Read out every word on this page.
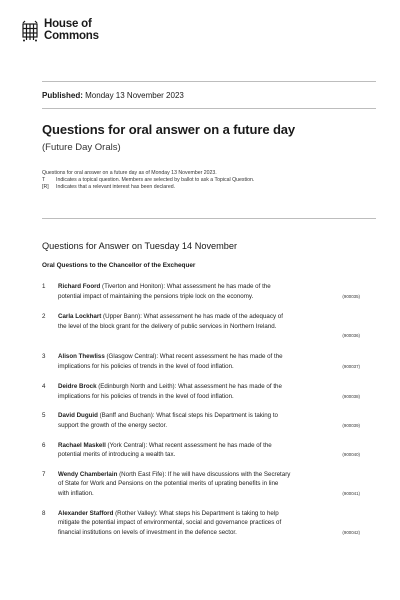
House of
Commons
Published: Monday 13 November 2023
Questions for oral answer on a future day
(Future Day Orals)
Questions for oral answer on a future day as of Monday 13 November 2023.
T Indicates a topical question. Members are selected by ballot to ask a Topical Question.
[R] Indicates that a relevant interest has been declared.
Questions for Answer on Tuesday 14 November
Oral Questions to the Chancellor of the Exchequer
1 Richard Foord (Tiverton and Honiton): What assessment he has made of the
potential impact of maintaining the pensions triple lock on the economy.	(900035)
2 Carla Lockhart (Upper Bann): What assessment he has made of the adequacy of
the level of the block grant for the delivery of public services in Northern Ireland.

(900036)
3 Alison Thewliss (Glasgow Central): What recent assessment he has made of the
implications for his policies of trends in the level of food inflation.	(900037)
4 Deidre Brock (Edinburgh North and Leith): What assessment he has made of the
implications for his policies of trends in the level of food inflation.	(900038)
5 David Duguid (Banff and Buchan): What fiscal steps his Department is taking to
support the growth of the energy sector.	(900039)
6 Rachael Maskell (York Central): What recent assessment he has made of the
potential merits of introducing a wealth tax.	(900040)
7 Wendy Chamberlain (North East Fife): If he will have discussions with the Secretary
of State for Work and Pensions on the potential merits of uprating benefits in line
with inflation.	(900041)
8 Alexander Stafford (Rother Valley): What steps his Department is taking to help
mitigate the potential impact of environmental, social and governance practices of
financial institutions on levels of investment in the defence sector.	(900042)
